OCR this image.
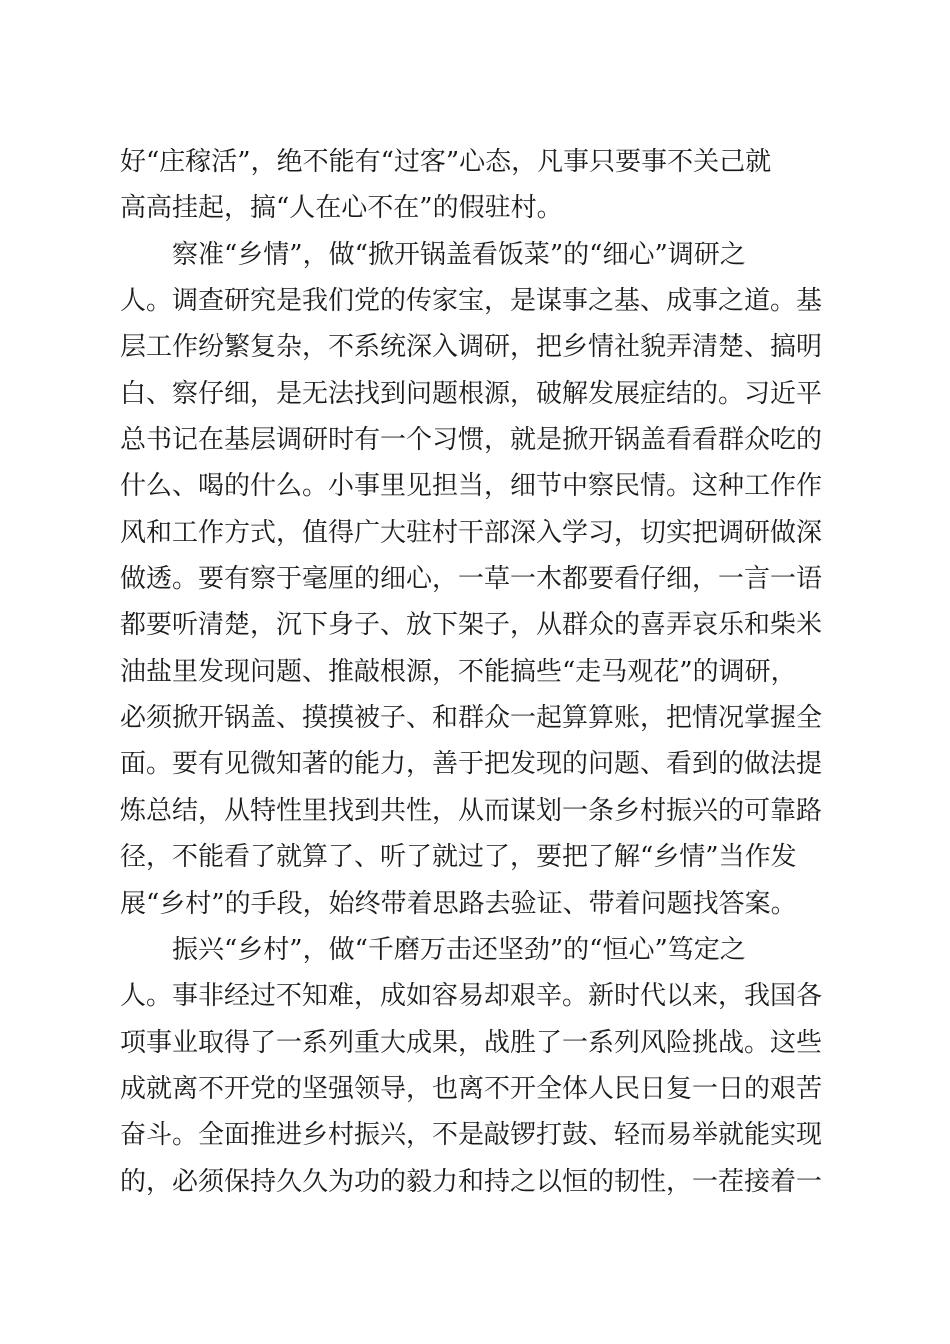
好“庄稼活”，绝不能有“过客”心态，凡事只要事不关己就
高高挂起，搞“人在心不在”的假驻村。
察准“乡情”，做“掀开锅盖看饭菜”的“细心”调研之
人。调查研究是我们党的传家宝，是谋事之基、成事之道。基
层工作纷繁复杂，不系统深入调研，把乡情社貌弄清楚、搞明
白、察仔细，是无法找到问题根源，破解发展症结的。习近平
总书记在基层调研时有一个习惯，就是掀开锅盖看看群众吃的
什么、喝的什么。小事里见担当，细节中察民情。这种工作作
风和工作方式，值得广大驻村干部深入学习，切实把调研做深
做透。要有察于毫厘的细心，一草一木都要看仔细，一言一语
都要听清楚，沉下身子、放下架子，从群众的喜弄哀乐和柴米
油盐里发现问题、推敲根源，不能搞些“走马观花”的调研，
必须掀开锅盖、摸摸被子、和群众一起算算账，把情况掌握全
面。要有见微知著的能力，善于把发现的问题、看到的做法提
炼总结，从特性里找到共性，从而谋划一条乡村振兴的可靠路
径，不能看了就算了、听了就过了，要把了解“乡情”当作发
展“乡村”的手段，始终带着思路去验证、带着问题找答案。
振兴“乡村”，做“千磨万击还坚劲”的“恒心”笃定之
人。事非经过不知难，成如容易却艰辛。新时代以来，我国各
项事业取得了一系列重大成果，战胜了一系列风险挑战。这些
成就离不开党的坚强领导，也离不开全体人民日复一日的艰苦
奋斗。全面推进乡村振兴，不是敲锣打鼓、轻而易举就能实现
的，必须保持久久为功的毅力和持之以恒的韧性，一茬接着一
